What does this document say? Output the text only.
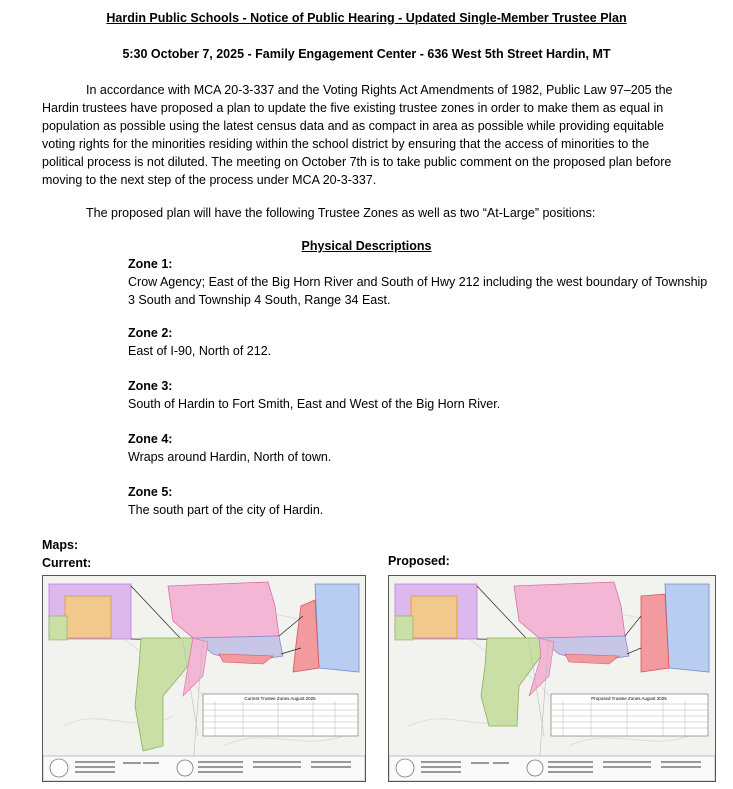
Hardin Public Schools - Notice of Public Hearing - Updated Single-Member Trustee Plan
5:30 October 7, 2025 - Family Engagement Center - 636 West 5th Street Hardin, MT
In accordance with MCA 20-3-337 and the Voting Rights Act Amendments of 1982, Public Law 97–205 the Hardin trustees have proposed a plan to update the five existing trustee zones in order to make them as equal in population as possible using the latest census data and as compact in area as possible while providing equitable voting rights for the minorities residing within the school district by ensuring that the access of minorities to the political process is not diluted. The meeting on October 7th is to take public comment on the proposed plan before moving to the next step of the process under MCA 20-3-337.
The proposed plan will have the following Trustee Zones as well as two “At-Large” positions:
Physical Descriptions
Zone 1:
Crow Agency; East of the Big Horn River and South of Hwy 212 including the west boundary of Township 3 South and Township 4 South, Range 34 East.
Zone 2:
East of I-90, North of 212.
Zone 3:
South of Hardin to Fort Smith, East and West of the Big Horn River.
Zone 4:
Wraps around Hardin, North of town.
Zone 5:
The south part of the city of Hardin.
Maps:
Current:	Proposed:
Current Trustee Zones August 2025	Proposed Trustee Zones August 2025
